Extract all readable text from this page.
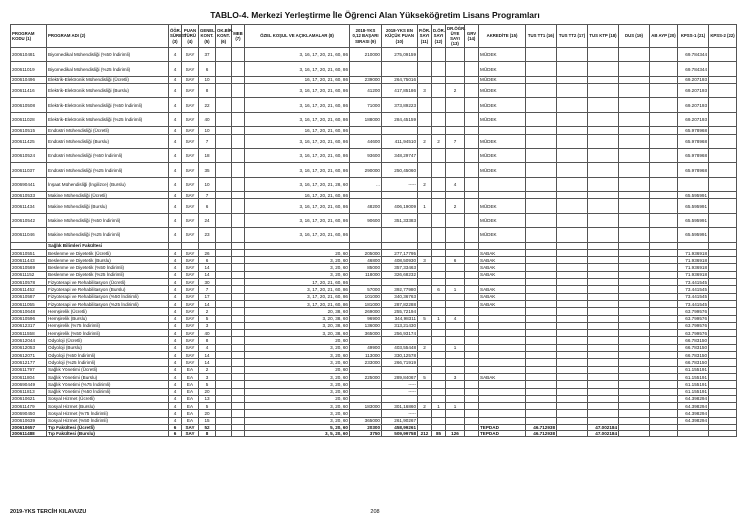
TABLO-4. Merkezi Yerleştirme İle Öğrenci Alan Yükseköğretim Lisans Programları
PROGRAM KODU (1)	PROGRAM ADI (2)	ÖĞR. SÜRESİ (3)	PUAN TÜRÜ (4)	GENEL KONT. (5)	OK.BİR. KONT. (6)	MEB (7)	ÖZEL KOŞUL VE AÇIKLAMALAR (8)	2018-YKS 0,12 BAŞARI SIRASI (9)	2018-YKS EN KÜÇÜK PUAN (10)	P.ÖR. SAYI (11)	D.ÖR. SAYI (12)	DR.ÖĞR. ÜYE SAYI (13)	GRV (14)	AKREDİTE (15)	TUS TT1 (16)	TUS TT2 (17)	TUS KTP (18)	DUS (19)	AB AYP (20)	KPSS-1 (21)	KPSS-2 (22)
200610481	Biyomedikal Mühendisliği (%50 İndirimli)	4	SAY	37			3, 16, 17, 20, 21, 60, 86	210000	275,09159					MÜDEK						69.784344	
200611019	Biyomedikal Mühendisliği (%25 İndirimli)	4	SAY	6			3, 16, 17, 20, 21, 60, 86							MÜDEK						69.784344	
200610496	Elektrik-Elektronik Mühendisliği (Ücretli)	4	SAY	10			16, 17, 20, 21, 60, 86	239000	264,75016					MÜDEK						69.207193	
200611416	Elektrik-Elektronik Mühendisliği (Burslu)	4	SAY	8			3, 16, 17, 20, 21, 60, 86	41200	417,85186	3		2		MÜDEK						69.207193	
200610508	Elektrik-Elektronik Mühendisliği (%50 İndirimli)	4	SAY	22			3, 16, 17, 20, 21, 60, 86	71000	373,89223					MÜDEK						69.207193	
200611028	Elektrik-Elektronik Mühendisliği (%25 İndirimli)	4	SAY	40			3, 16, 17, 20, 21, 60, 86	188000	284,45159					MÜDEK						69.207193	
200610515	Endüstri Mühendisliği (Ücretli)	4	SAY	10			16, 17, 20, 21, 60, 86													65.978968	
200611425	Endüstri Mühendisliği (Burslu)	4	SAY	7			3, 16, 17, 20, 21, 60, 86	44600	411,94510	2	2	7		MÜDEK						65.978968	
200610524	Endüstri Mühendisliği (%50 İndirimli)	4	SAY	18			3, 16, 17, 20, 21, 60, 86	93600	348,29747					MÜDEK						65.978968	
200611037	Endüstri Mühendisliği (%25 İndirimli)	4	SAY	35			3, 16, 17, 20, 21, 60, 86	290000	250,45060					MÜDEK						65.978968	
200690441	İnşaat Mühendisliği (İngilizce) (Burslu)	4	SAY	10			3, 16, 17, 20, 21, 28, 60	...	-----	2		4									
200610533	Makine Mühendisliği (Ücretli)	4	SAY	7			16, 17, 20, 21, 60, 86													65.595991	
200611434	Makine Mühendisliği (Burslu)	4	SAY	6			3, 16, 17, 20, 21, 60, 86	48200	406,19009	1		2		MÜDEK						65.595991	
200610542	Makine Mühendisliği (%50 İndirimli)	4	SAY	24			3, 16, 17, 20, 21, 60, 86	90600	351,33383					MÜDEK						65.595991	
200611046	Makine Mühendisliği (%25 İndirimli)	4	SAY	23			3, 16, 17, 20, 21, 60, 86							MÜDEK						65.595991	
	Sağlık Bilimleri Fakültesi																				
200610551	Beslenme ve Diyetetik (Ücretli)	4	SAY	26			20, 60	205000	277,17795					SABAK						71.936918	
200611443	Beslenme ve Diyetetik (Burslu)	4	SAY	6			3, 20, 60	46800	408,50930	3		6		SABAK						71.936918	
200610569	Beslenme ve Diyetetik (%50 İndirimli)	4	SAY	14			3, 20, 60	85000	357,33463					SABAK						71.936918	
200611152	Beslenme ve Diyetetik (%25 İndirimli)	4	SAY	14			3, 20, 60	118000	326,68232					SABAK						71.936918	
200610578	Fizyoterapi ve Rehabilitasyon (Ücretli)	4	SAY	30			17, 20, 21, 60, 86													73.441545	
200611452	Fizyoterapi ve Rehabilitasyon (Burslu)	4	SAY	7			3, 17, 20, 21, 60, 86	57000	392,77980		6	1		SABAK						73.441545	
200610587	Fizyoterapi ve Rehabilitasyon (%50 İndirimli)	4	SAY	17			3, 17, 20, 21, 60, 86	101000	340,36763					SABAK						73.441545	
200611055	Fizyoterapi ve Rehabilitasyon (%25 İndirimli)	4	SAY	14			3, 17, 20, 21, 60, 86	181000	287,82288					SABAK						73.441545	
200610648	Hemşirelik (Ücretli)	4	SAY	2			20, 38, 60	269000	255,72194											63.799576	
200610596	Hemşirelik (Burslu)	4	SAY	5			3, 20, 38, 60	96900	344,98311	5	1	4								63.799576	
200612317	Hemşirelik (%75 İndirimli)	4	SAY	3			3, 20, 38, 60	136000	313,21430											63.799576	
200611558	Hemşirelik (%50 İndirimli)	4	SAY	40			3, 20, 38, 60	365000	256,93174											63.799576	
200612044	Odyoloji (Ücretli)	4	SAY	8			20, 60													66.783150	
200612053	Odyoloji (Burslu)	4	SAY	4			3, 20, 60	49900	403,55448	2		1								66.783150	
200612071	Odyoloji (%50 İndirimli)	4	SAY	14			3, 20, 60	113000	330,12578											66.783150	
200612177	Odyoloji (%25 İndirimli)	4	SAY	14			3, 20, 60	233000	266,71919											66.783150	
200611797	Sağlık Yönetimi (Ücretli)	4	EA	2			20, 60													61.155191	
200611804	Sağlık Yönetimi (Burslu)	4	EA	3			3, 20, 60	225000	289,84067	5		3		SABAK						61.155191	
200690449	Sağlık Yönetimi (%75 İndirimli)	4	EA	5			3, 20, 60		-----											61.155191	
200611813	Sağlık Yönetimi (%50 İndirimli)	4	EA	20			3, 20, 60		-----											61.155191	
200610621	Sosyal Hizmet (Ücretli)	4	EA	13			20, 60													64.398294	
200611479	Sosyal Hizmet (Burslu)	4	EA	5			3, 20, 60	183000	301,16860	2	1	1								64.398294	
200690450	Sosyal Hizmet (%75 İndirimli)	4	EA	20			3, 20, 60		-----											64.398294	
200610639	Sosyal Hizmet (%50 İndirimli)	4	EA	15			3, 20, 60	365000	261,90267											64.398294	
200610657	Tıp Fakültesi (Ücretli)	6	SAY	52			5, 20, 60	20300	458,99261					TEPDAD	46.712938		47.002184				
200611488	Tıp Fakültesi (Burslu)	6	SAY	8			3, 5, 20, 60	3750	509,99758	212	85	126		TEPDAD	46.712938		47.002184				
2019-YKS TERCİH KILAVUZU	208
